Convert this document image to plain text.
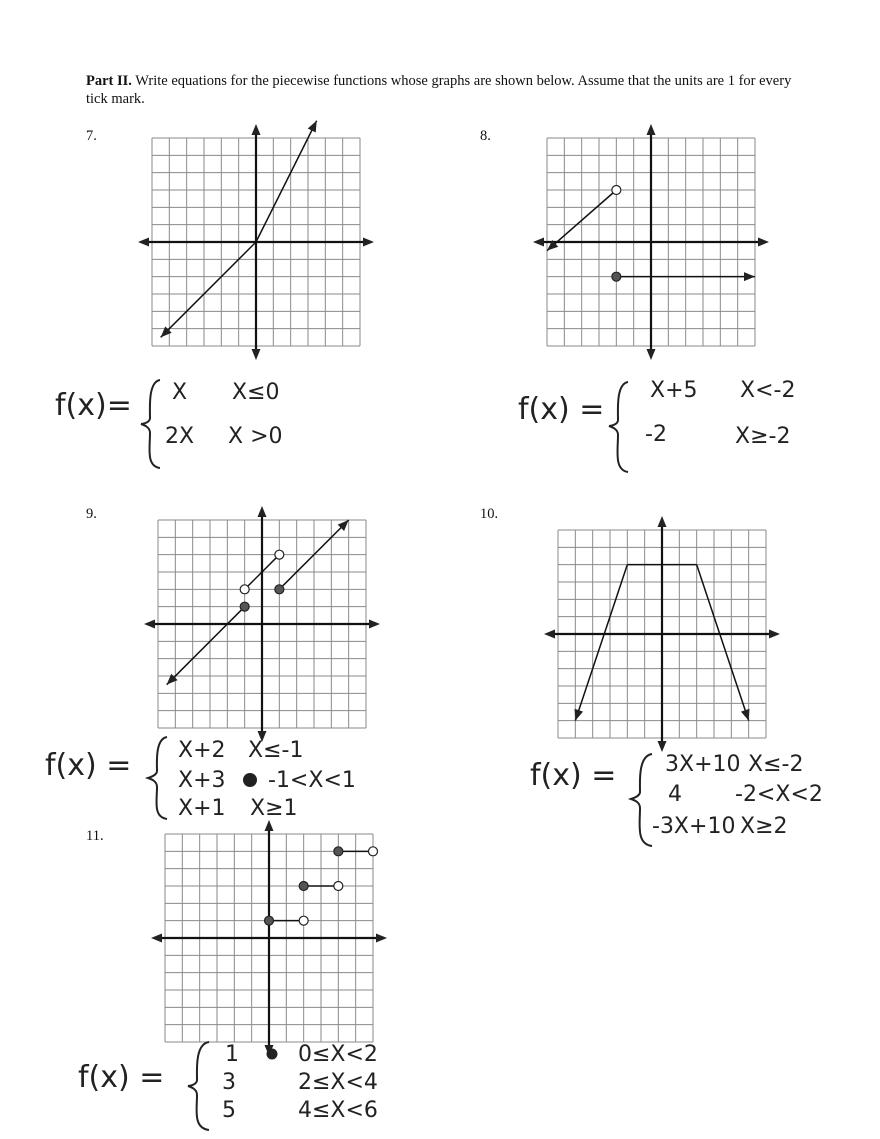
Part II. Write equations for the piecewise functions whose graphs are shown below. Assume that the units are 1 for every tick mark.
7.	8.
9.	10.
11.
f(x)= X X≤0
2X X >0
f(x) =
X+5 X<-2
-2	X≥-2
f(x) = X+2 X≤-1
X+3 -1<X<1
X+1 X≥1
f(x) = 3X+10 X≤-2
4 -2<X<2
-3X+10 X≥2
f(x) =
1	0≤X<2
3	2≤X<4
5	4≤X<6
